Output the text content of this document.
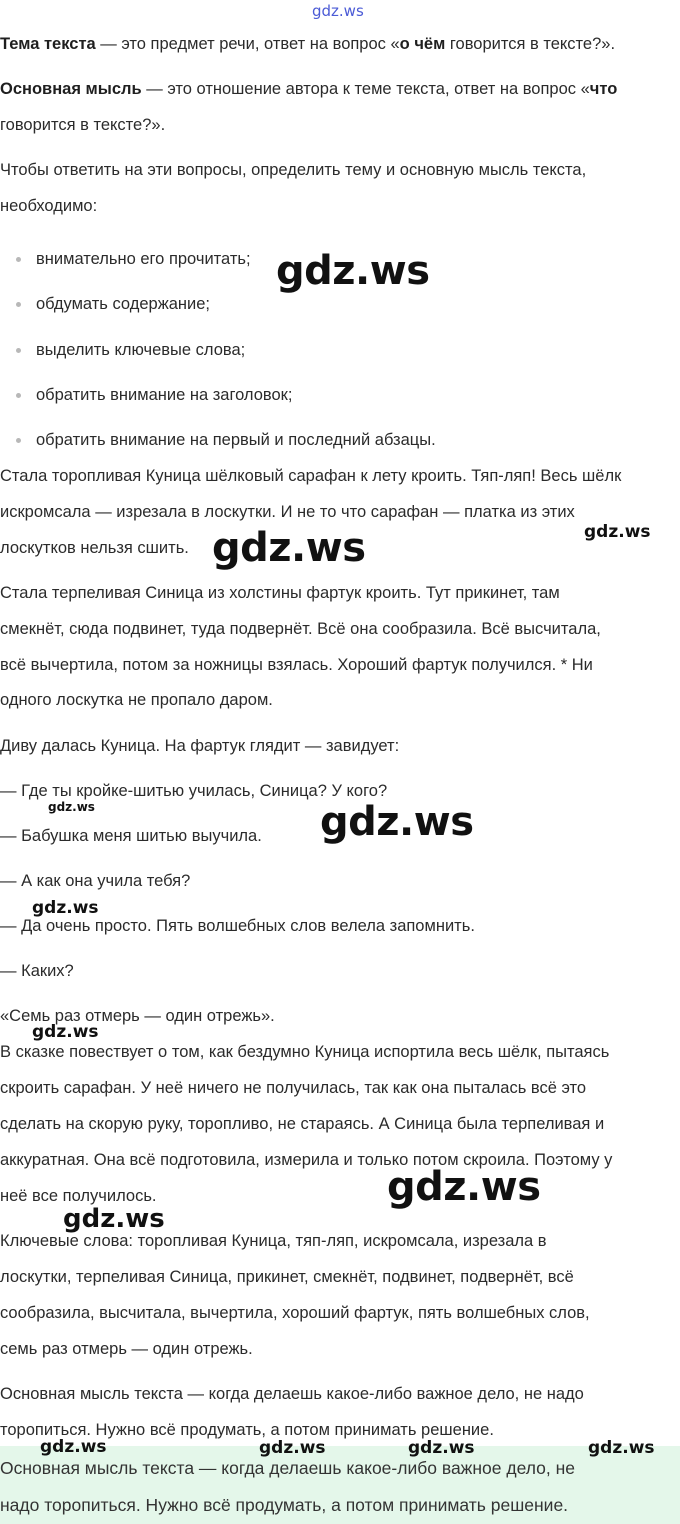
gdz.ws
Тема текста — это предмет речи, ответ на вопрос «о чём говорится в тексте?».
Основная мысль — это отношение автора к теме текста, ответ на вопрос «что
говорится в тексте?».
Чтобы ответить на эти вопросы, определить тему и основную мысль текста,
необходимо:
внимательно его прочитать;
обдумать содержание;
выделить ключевые слова;
обратить внимание на заголовок;
обратить внимание на первый и последний абзацы.
Стала торопливая Куница шёлковый сарафан к лету кроить. Тяп-ляп! Весь шёлк
искромсала — изрезала в лоскутки. И не то что сарафан — платка из этих
лоскутков нельзя сшить.
Стала терпеливая Синица из холстины фартук кроить. Тут прикинет, там
смекнёт, сюда подвинет, туда подвернёт. Всё она сообразила. Всё высчитала,
всё вычертила, потом за ножницы взялась. Хороший фартук получился. * Ни
одного лоскутка не пропало даром.
Диву далась Куница. На фартук глядит — завидует:
— Где ты кройке-шитью училась, Синица? У кого?
— Бабушка меня шитью выучила.
— А как она учила тебя?
— Да очень просто. Пять волшебных слов велела запомнить.
— Каких?
«Семь раз отмерь — один отрежь».
В сказке повествует о том, как бездумно Куница испортила весь шёлк, пытаясь
скроить сарафан. У неё ничего не получилась, так как она пыталась всё это
сделать на скорую руку, торопливо, не стараясь. А Синица была терпеливая и
аккуратная. Она всё подготовила, измерила и только потом скроила. Поэтому у
неё все получилось.
Ключевые слова: торопливая Куница, тяп-ляп, искромсала, изрезала в
лоскутки, терпеливая Синица, прикинет, смекнёт, подвинет, подвернёт, всё
сообразила, высчитала, вычертила, хороший фартук, пять волшебных слов,
семь раз отмерь — один отрежь.
Основная мысль текста — когда делаешь какое-либо важное дело, не надо
торопиться. Нужно всё продумать, а потом принимать решение.
Основная мысль текста — когда делаешь какое-либо важное дело, не
надо торопиться. Нужно всё продумать, а потом принимать решение.
gdz.ws
gdz.ws	gdz.ws
gdz.ws	gdz.ws
gdz.ws
gdz.ws
gdz.ws
gdz.ws
gdz.ws	gdz.ws	gdz.ws	gdz.ws
